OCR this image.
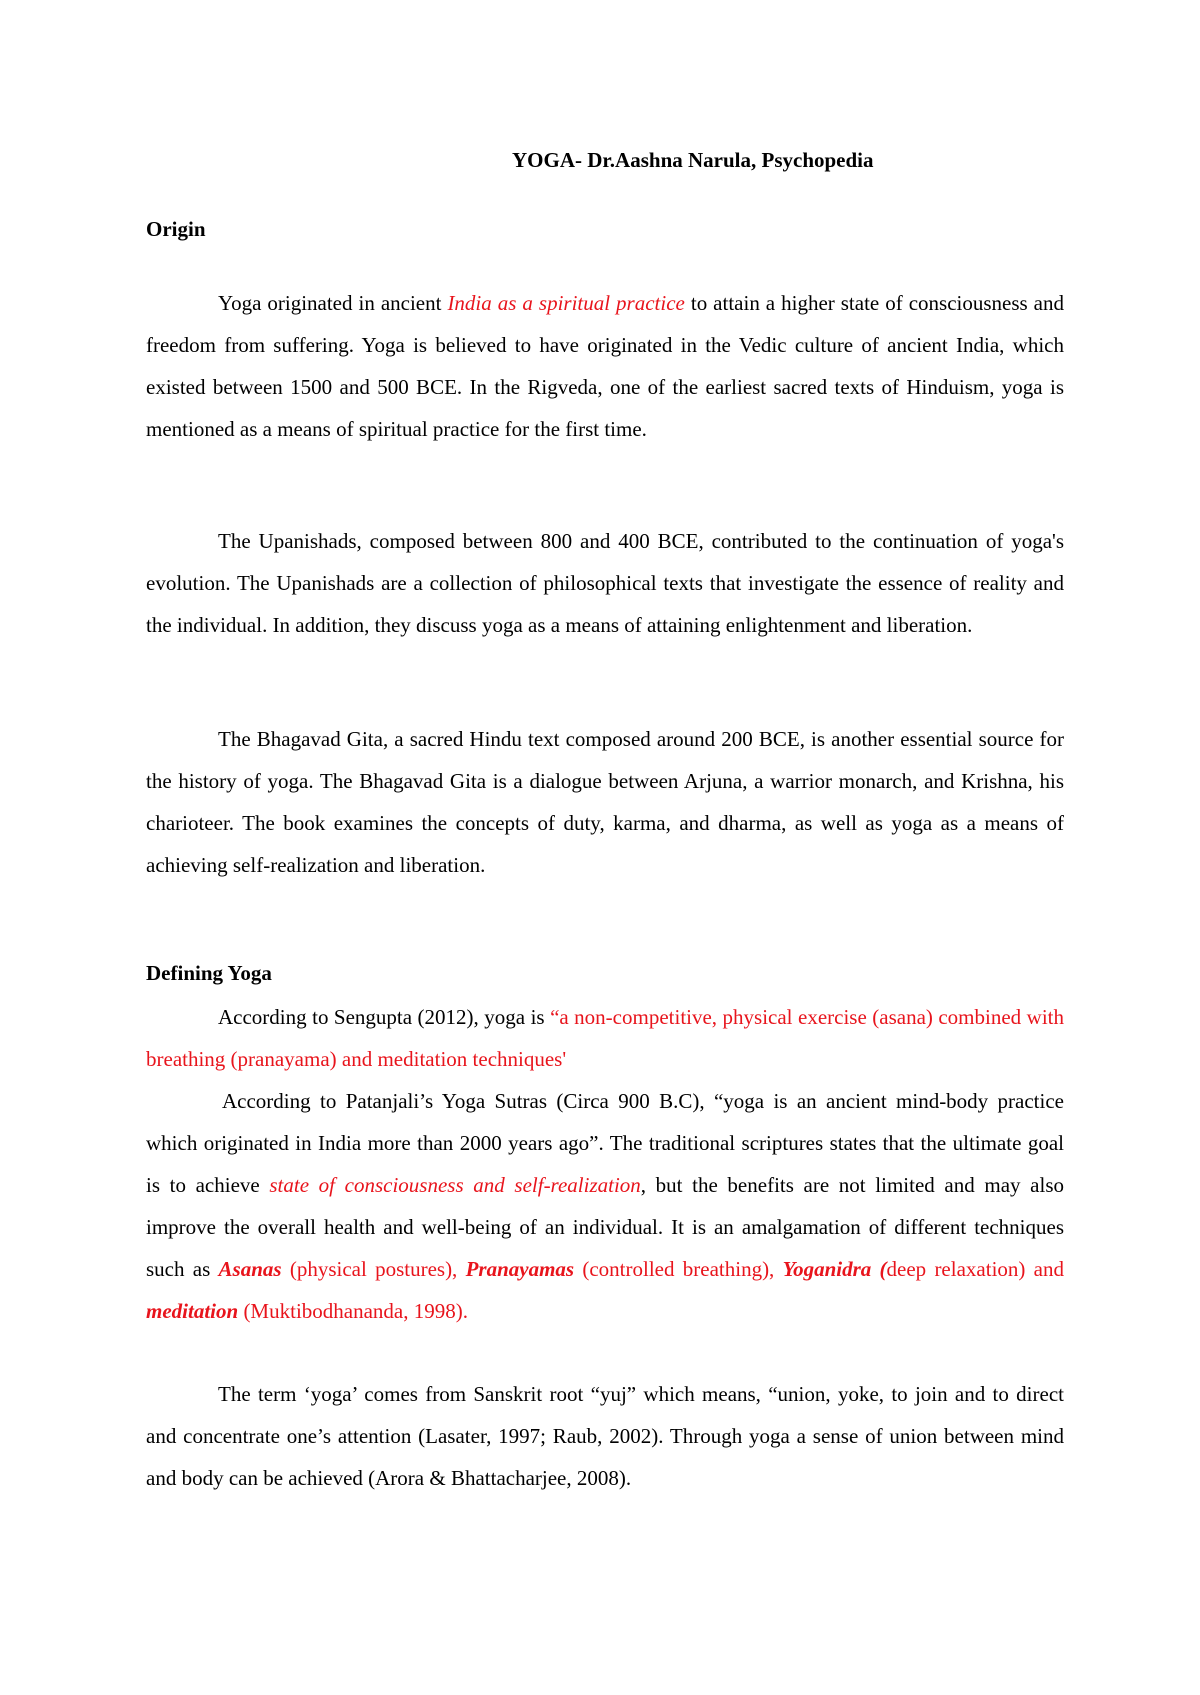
YOGA- Dr.Aashna Narula, Psychopedia
Origin

Yoga originated in ancient India as a spiritual practice to attain a higher state of consciousness and freedom from suffering. Yoga is believed to have originated in the Vedic culture of ancient India, which existed between 1500 and 500 BCE. In the Rigveda, one of the earliest sacred texts of Hinduism, yoga is mentioned as a means of spiritual practice for the first time.

The Upanishads, composed between 800 and 400 BCE, contributed to the continuation of yoga's evolution. The Upanishads are a collection of philosophical texts that investigate the essence of reality and the individual. In addition, they discuss yoga as a means of attaining enlightenment and liberation.

The Bhagavad Gita, a sacred Hindu text composed around 200 BCE, is another essential source for the history of yoga. The Bhagavad Gita is a dialogue between Arjuna, a warrior monarch, and Krishna, his charioteer. The book examines the concepts of duty, karma, and dharma, as well as yoga as a means of achieving self-realization and liberation.

Defining Yoga

According to Sengupta (2012), yoga is “a non-competitive, physical exercise (asana) combined with breathing (pranayama) and meditation techniques'

According to Patanjali’s Yoga Sutras (Circa 900 B.C), “yoga is an ancient mind-body practice which originated in India more than 2000 years ago”. The traditional scriptures states that the ultimate goal is to achieve state of consciousness and self-realization, but the benefits are not limited and may also improve the overall health and well-being of an individual. It is an amalgamation of different techniques such as Asanas (physical postures), Pranayamas (controlled breathing), Yoganidra (deep relaxation) and meditation (Muktibodhananda, 1998).

The term ‘yoga’ comes from Sanskrit root “yuj” which means, “union, yoke, to join and to direct and concentrate one’s attention (Lasater, 1997; Raub, 2002). Through yoga a sense of union between mind and body can be achieved (Arora & Bhattacharjee, 2008).
